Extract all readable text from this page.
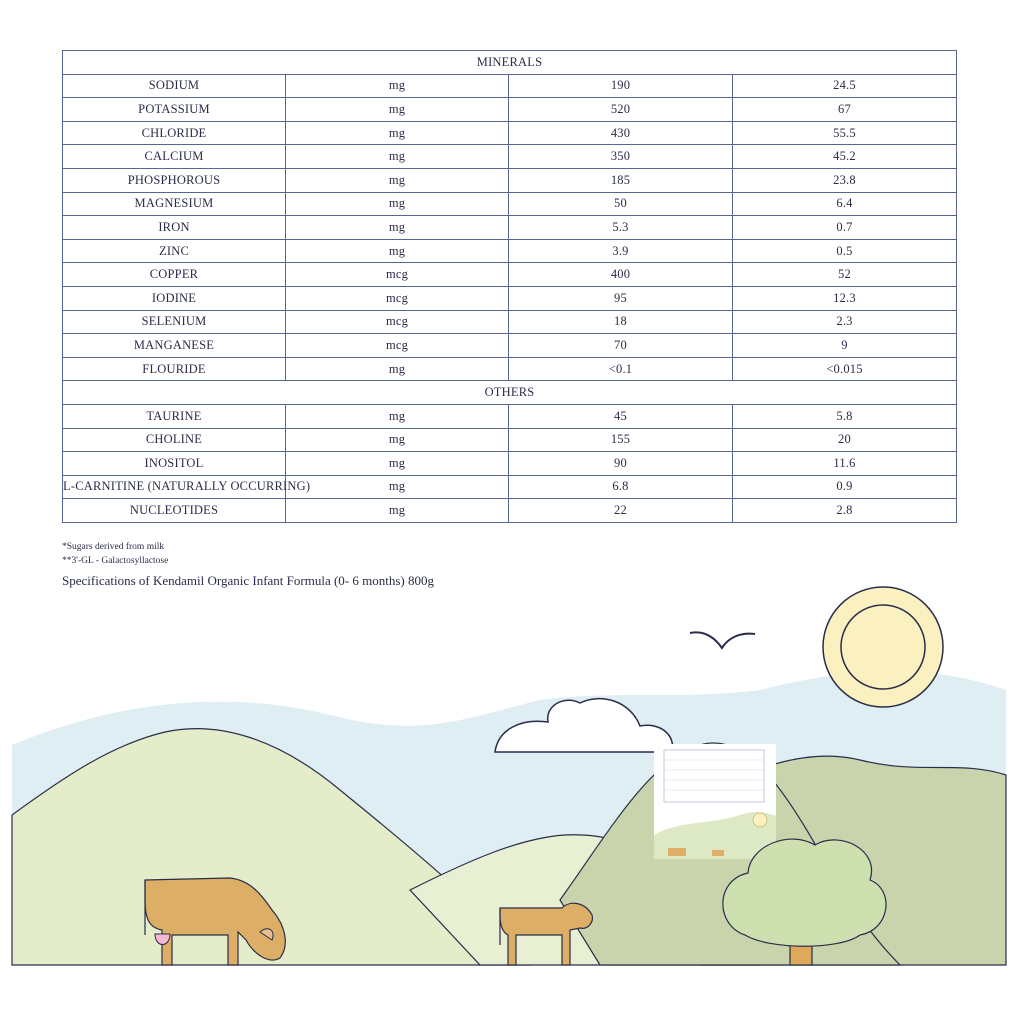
MINERALS			
SODIUM	mg	190	24.5
POTASSIUM	mg	520	67
CHLORIDE	mg	430	55.5
CALCIUM	mg	350	45.2
PHOSPHOROUS	mg	185	23.8
MAGNESIUM	mg	50	6.4
IRON	mg	5.3	0.7
ZINC	mg	3.9	0.5
COPPER	mcg	400	52
IODINE	mcg	95	12.3
SELENIUM	mcg	18	2.3
MANGANESE	mcg	70	9
FLOURIDE	mg	<0.1	<0.015
OTHERS			
TAURINE	mg	45	5.8
CHOLINE	mg	155	20
INOSITOL	mg	90	11.6
L-CARNITINE (NATURALLY OCCURRING)	mg	6.8	0.9
NUCLEOTIDES	mg	22	2.8
*Sugars derived from milk
**3'-GL - Galactosyllactose
Specifications of Kendamil Organic Infant Formula (0- 6 months) 800g
